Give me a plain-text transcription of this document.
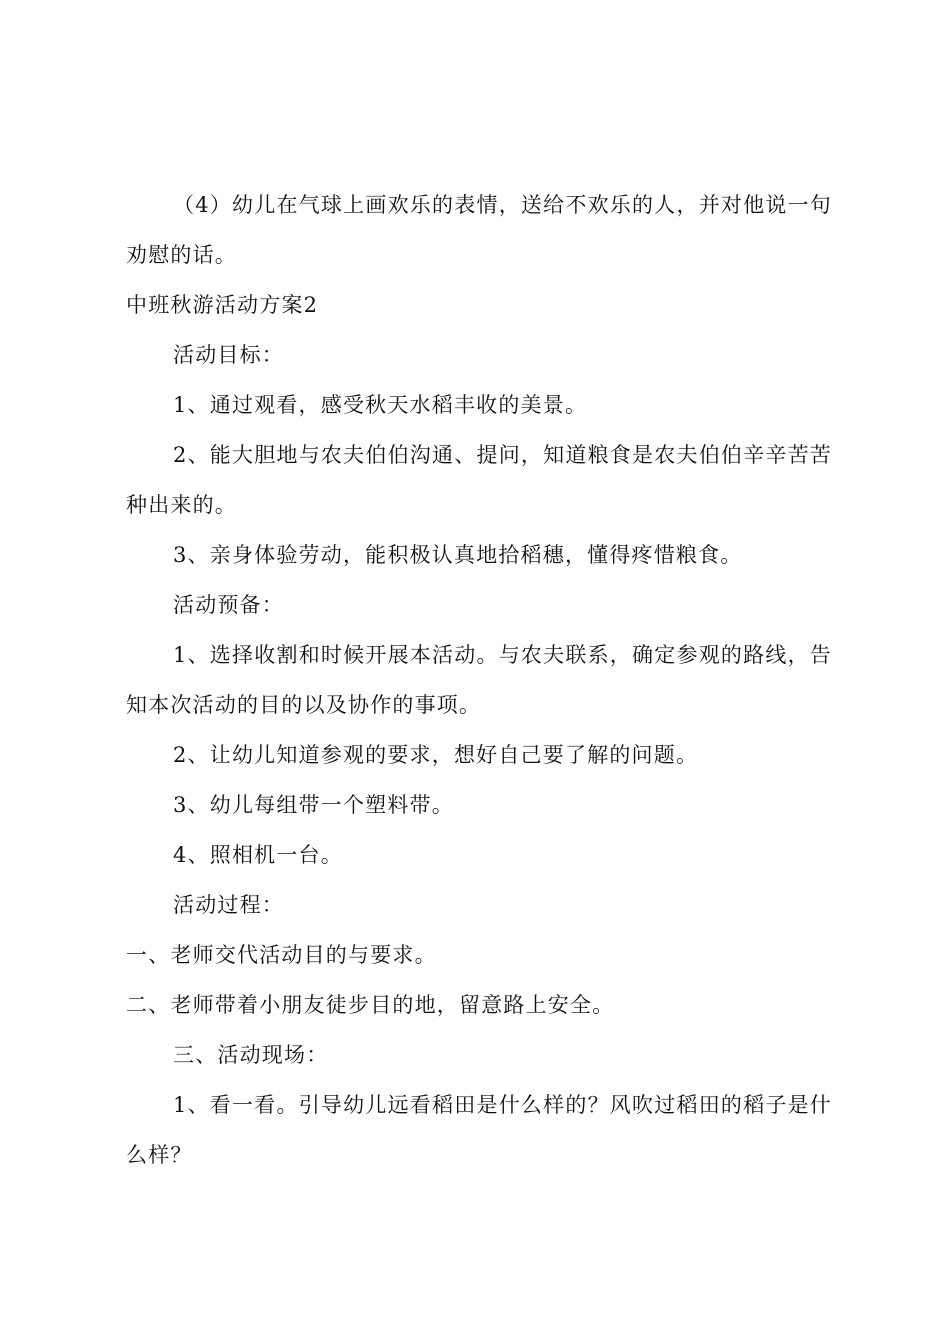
（4）幼儿在气球上画欢乐的表情，送给不欢乐的人，并对他说一句劝慰的话。

中班秋游活动方案2

活动目标：

1、通过观看，感受秋天水稻丰收的美景。

2、能大胆地与农夫伯伯沟通、提问，知道粮食是农夫伯伯辛辛苦苦种出来的。

3、亲身体验劳动，能积极认真地拾稻穗，懂得疼惜粮食。

活动预备：

1、选择收割和时候开展本活动。与农夫联系，确定参观的路线，告知本次活动的目的以及协作的事项。

2、让幼儿知道参观的要求，想好自己要了解的问题。

3、幼儿每组带一个塑料带。

4、照相机一台。

活动过程：

一、老师交代活动目的与要求。

二、老师带着小朋友徒步目的地，留意路上安全。

三、活动现场：

1、看一看。引导幼儿远看稻田是什么样的？风吹过稻田的稻子是什么样？
